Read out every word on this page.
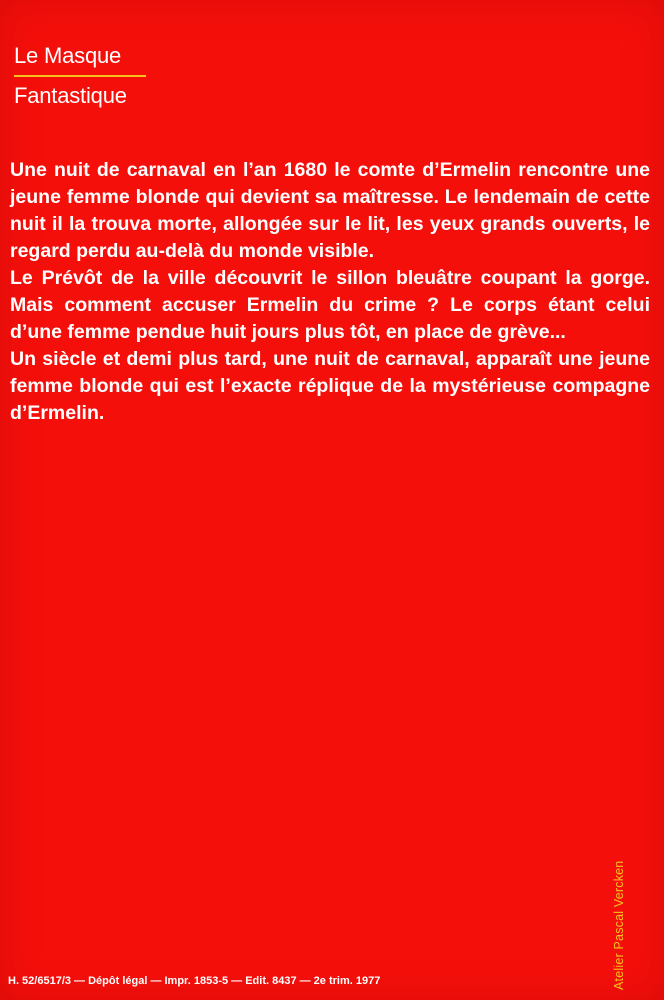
Le Masque
Fantastique

Une nuit de carnaval en l’an 1680 le comte d’Ermelin rencontre une jeune femme blonde qui devient sa maîtresse. Le lendemain de cette nuit il la trouva morte, allongée sur le lit, les yeux grands ouverts, le regard perdu au-delà du monde visible.

Le Prévôt de la ville découvrit le sillon bleuâtre coupant la gorge. Mais comment accuser Ermelin du crime ? Le corps étant celui d’une femme pendue huit jours plus tôt, en place de grève...

Un siècle et demi plus tard, une nuit de carnaval, apparaît une jeune femme blonde qui est l’exacte réplique de la mystérieuse compagne d’Ermelin.

Atelier Pascal Vercken
H. 52/6517/3 — Dépôt légal — Impr. 1853-5 — Edit. 8437 — 2e trim. 1977
